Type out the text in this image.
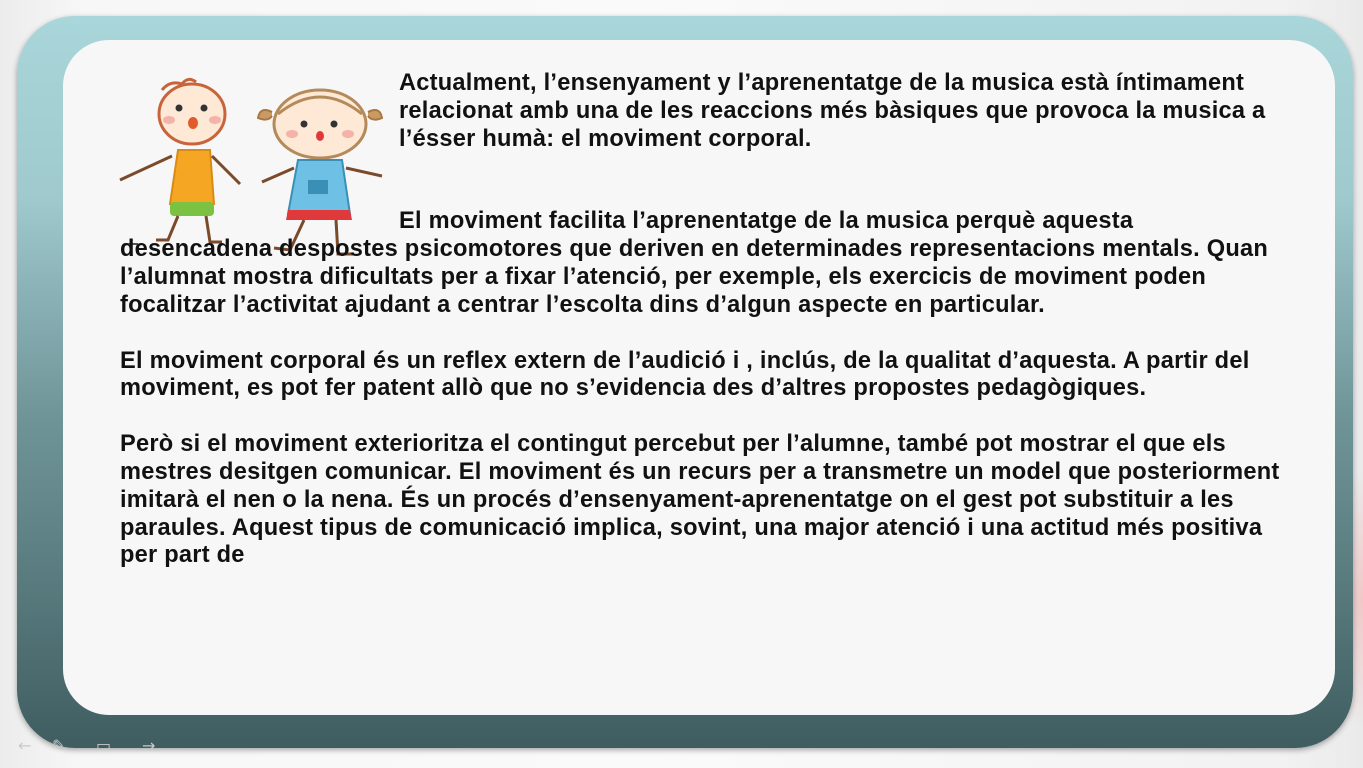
Actualment, l’ensenyament y l’aprenentatge de la musica està íntimament relacionat amb una de les reaccions més bàsiques que provoca la musica a l’ésser humà: el moviment corporal.

El moviment facilita l’aprenentatge de la musica perquè aquesta desencadena despostes psicomotores que deriven en determinades representacions mentals. Quan l’alumnat mostra dificultats per a fixar l’atenció, per exemple, els exercicis de moviment poden focalitzar l’activitat ajudant a centrar l’escolta dins d’algun aspecte en particular.

El moviment corporal és un reflex extern de l’audició i , inclús, de la qualitat d’aquesta. A partir del moviment, es pot fer patent allò que no s’evidencia des d’altres propostes pedagògiques.

Però si el moviment exterioritza el contingut percebut per l’alumne, també pot mostrar el que els mestres desitgen comunicar. El moviment és un recurs per a transmetre un model que posteriorment imitarà el nen o la nena. És un procés d’ensenyament-aprenentatge on el gest pot substituir a les paraules. Aquest tipus de comunicació implica, sovint, una major atenció i una actitud més positiva per part de

← ✎ ▭ →
